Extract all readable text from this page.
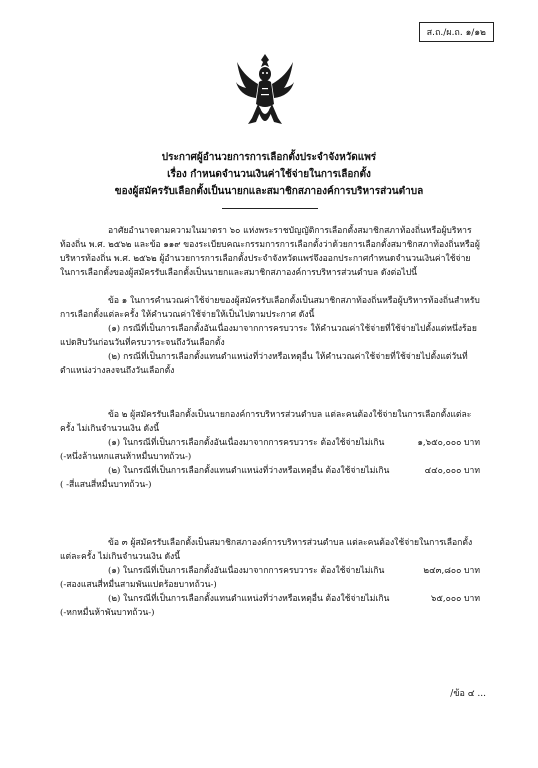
ส.ถ./ผ.ถ. ๑/๑๒
ประกาศผู้อำนวยการการเลือกตั้งประจำจังหวัดแพร่
เรื่อง กำหนดจำนวนเงินค่าใช้จ่ายในการเลือกตั้ง
ของผู้สมัครรับเลือกตั้งเป็นนายกและสมาชิกสภาองค์การบริหารส่วนตำบล

อาศัยอำนาจตามความในมาตรา ๖๐ แห่งพระราชบัญญัติการเลือกตั้งสมาชิกสภาท้องถิ่นหรือผู้บริหารท้องถิ่น พ.ศ. ๒๕๖๒ และข้อ ๑๑๙ ของระเบียบคณะกรรมการการเลือกตั้งว่าด้วยการเลือกตั้งสมาชิกสภาท้องถิ่นหรือผู้บริหารท้องถิ่น พ.ศ. ๒๕๖๒ ผู้อำนวยการการเลือกตั้งประจำจังหวัดแพร่จึงออกประกาศกำหนดจำนวนเงินค่าใช้จ่ายในการเลือกตั้งของผู้สมัครรับเลือกตั้งเป็นนายกและสมาชิกสภาองค์การบริหารส่วนตำบล ดังต่อไปนี้

ข้อ ๑ ในการคำนวณค่าใช้จ่ายของผู้สมัครรับเลือกตั้งเป็นสมาชิกสภาท้องถิ่นหรือผู้บริหารท้องถิ่นสำหรับการเลือกตั้งแต่ละครั้ง ให้คำนวณค่าใช้จ่ายให้เป็นไปตามประกาศ ดังนี้

(๑) กรณีที่เป็นการเลือกตั้งอันเนื่องมาจากการครบวาระ ให้คำนวณค่าใช้จ่ายที่ใช้จ่ายไปตั้งแต่หนึ่งร้อยแปดสิบวันก่อนวันที่ครบวาระจนถึงวันเลือกตั้ง

(๒) กรณีที่เป็นการเลือกตั้งแทนตำแหน่งที่ว่างหรือเหตุอื่น ให้คำนวณค่าใช้จ่ายที่ใช้จ่ายไปตั้งแต่วันที่ตำแหน่งว่างลงจนถึงวันเลือกตั้ง

ข้อ ๒ ผู้สมัครรับเลือกตั้งเป็นนายกองค์การบริหารส่วนตำบล แต่ละคนต้องใช้จ่ายในการเลือกตั้งแต่ละครั้ง ไม่เกินจำนวนเงิน ดังนี้

(๑) ในกรณีที่เป็นการเลือกตั้งอันเนื่องมาจากการครบวาระ ต้องใช้จ่ายไม่เกิน	๑,๖๕๐,๐๐๐ บาท

(-หนึ่งล้านหกแสนห้าหมื่นบาทถ้วน-)

(๒) ในกรณีที่เป็นการเลือกตั้งแทนตำแหน่งที่ว่างหรือเหตุอื่น ต้องใช้จ่ายไม่เกิน	๔๔๐,๐๐๐ บาท

( -สี่แสนสี่หมื่นบาทถ้วน-)

ข้อ ๓ ผู้สมัครรับเลือกตั้งเป็นสมาชิกสภาองค์การบริหารส่วนตำบล แต่ละคนต้องใช้จ่ายในการเลือกตั้ง แต่ละครั้ง ไม่เกินจำนวนเงิน ดังนี้

(๑) ในกรณีที่เป็นการเลือกตั้งอันเนื่องมาจากการครบวาระ ต้องใช้จ่ายไม่เกิน	๒๔๓,๘๐๐ บาท

(-สองแสนสี่หมื่นสามพันแปดร้อยบาทถ้วน-)

(๒) ในกรณีที่เป็นการเลือกตั้งแทนตำแหน่งที่ว่างหรือเหตุอื่น ต้องใช้จ่ายไม่เกิน	๖๕,๐๐๐ บาท

(-หกหมื่นห้าพันบาทถ้วน-)

/ข้อ ๔ ...
